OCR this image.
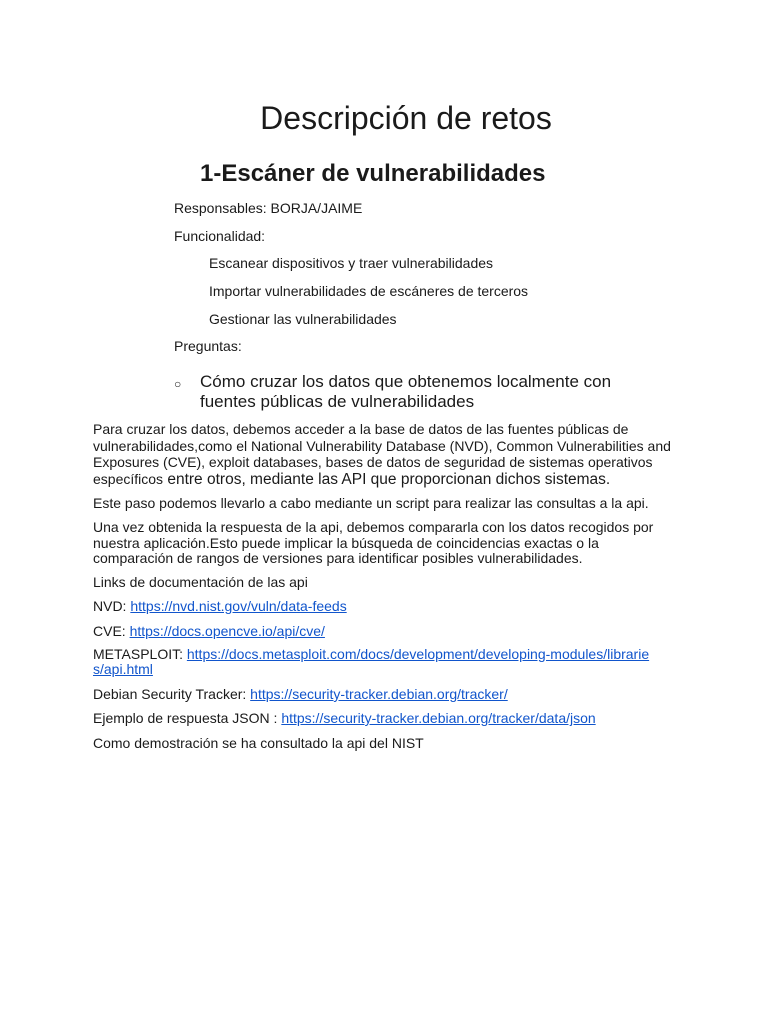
Descripción de retos
1-Escáner de vulnerabilidades
Responsables: BORJA/JAIME
Funcionalidad:
Escanear dispositivos y traer vulnerabilidades
Importar vulnerabilidades de escáneres de terceros
Gestionar las vulnerabilidades
Preguntas:
○ Cómo cruzar los datos que obtenemos localmente con fuentes públicas de vulnerabilidades
Para cruzar los datos, debemos acceder a la base de datos de las fuentes públicas de vulnerabilidades,como el National Vulnerability Database (NVD), Common Vulnerabilities and Exposures (CVE), exploit databases, bases de datos de seguridad de sistemas operativos específicos entre otros, mediante las API que proporcionan dichos sistemas.
Este paso podemos llevarlo a cabo mediante un script para realizar las consultas a la api.
Una vez obtenida la respuesta de la api, debemos compararla con los datos recogidos por nuestra aplicación.Esto puede implicar la búsqueda de coincidencias exactas o la comparación de rangos de versiones para identificar posibles vulnerabilidades.
Links de documentación de las api
NVD: https://nvd.nist.gov/vuln/data-feeds
CVE: https://docs.opencve.io/api/cve/
METASPLOIT: https://docs.metasploit.com/docs/development/developing-modules/libraries/api.html
Debian Security Tracker: https://security-tracker.debian.org/tracker/
Ejemplo de respuesta JSON : https://security-tracker.debian.org/tracker/data/json
Como demostración se ha consultado la api del NIST
